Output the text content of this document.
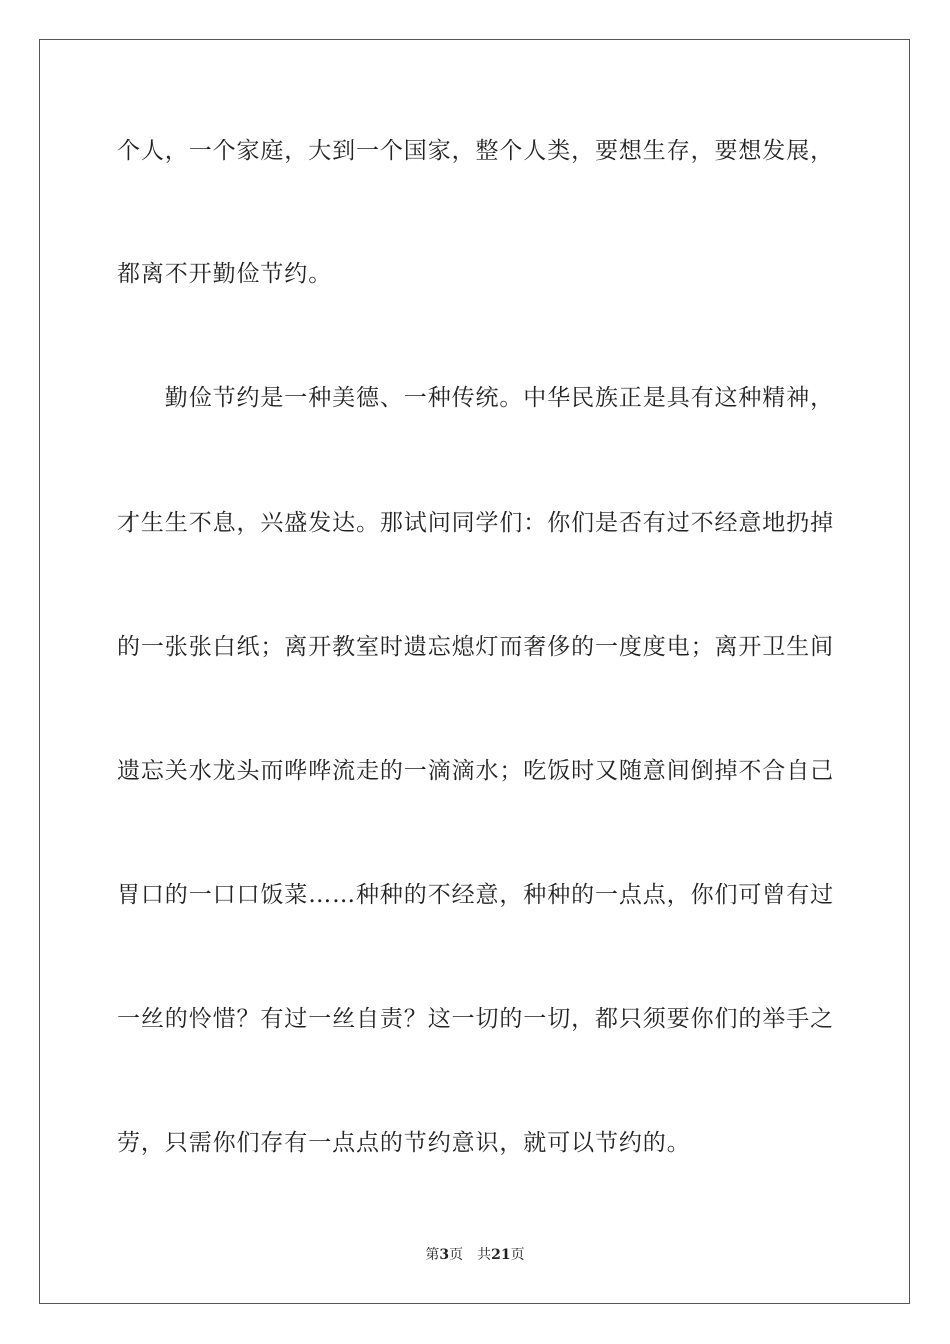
个人，一个家庭，大到一个国家，整个人类，要想生存，要想发展，
都离不开勤俭节约。
　　勤俭节约是一种美德、一种传统。中华民族正是具有这种精神，
才生生不息，兴盛发达。那试问同学们：你们是否有过不经意地扔掉
的一张张白纸；离开教室时遗忘熄灯而奢侈的一度度电；离开卫生间
遗忘关水龙头而哗哗流走的一滴滴水；吃饭时又随意间倒掉不合自己
胃口的一口口饭菜……种种的不经意，种种的一点点，你们可曾有过
一丝的怜惜？有过一丝自责？这一切的一切，都只须要你们的举手之
劳，只需你们存有一点点的节约意识，就可以节约的。
第3页 共21页
